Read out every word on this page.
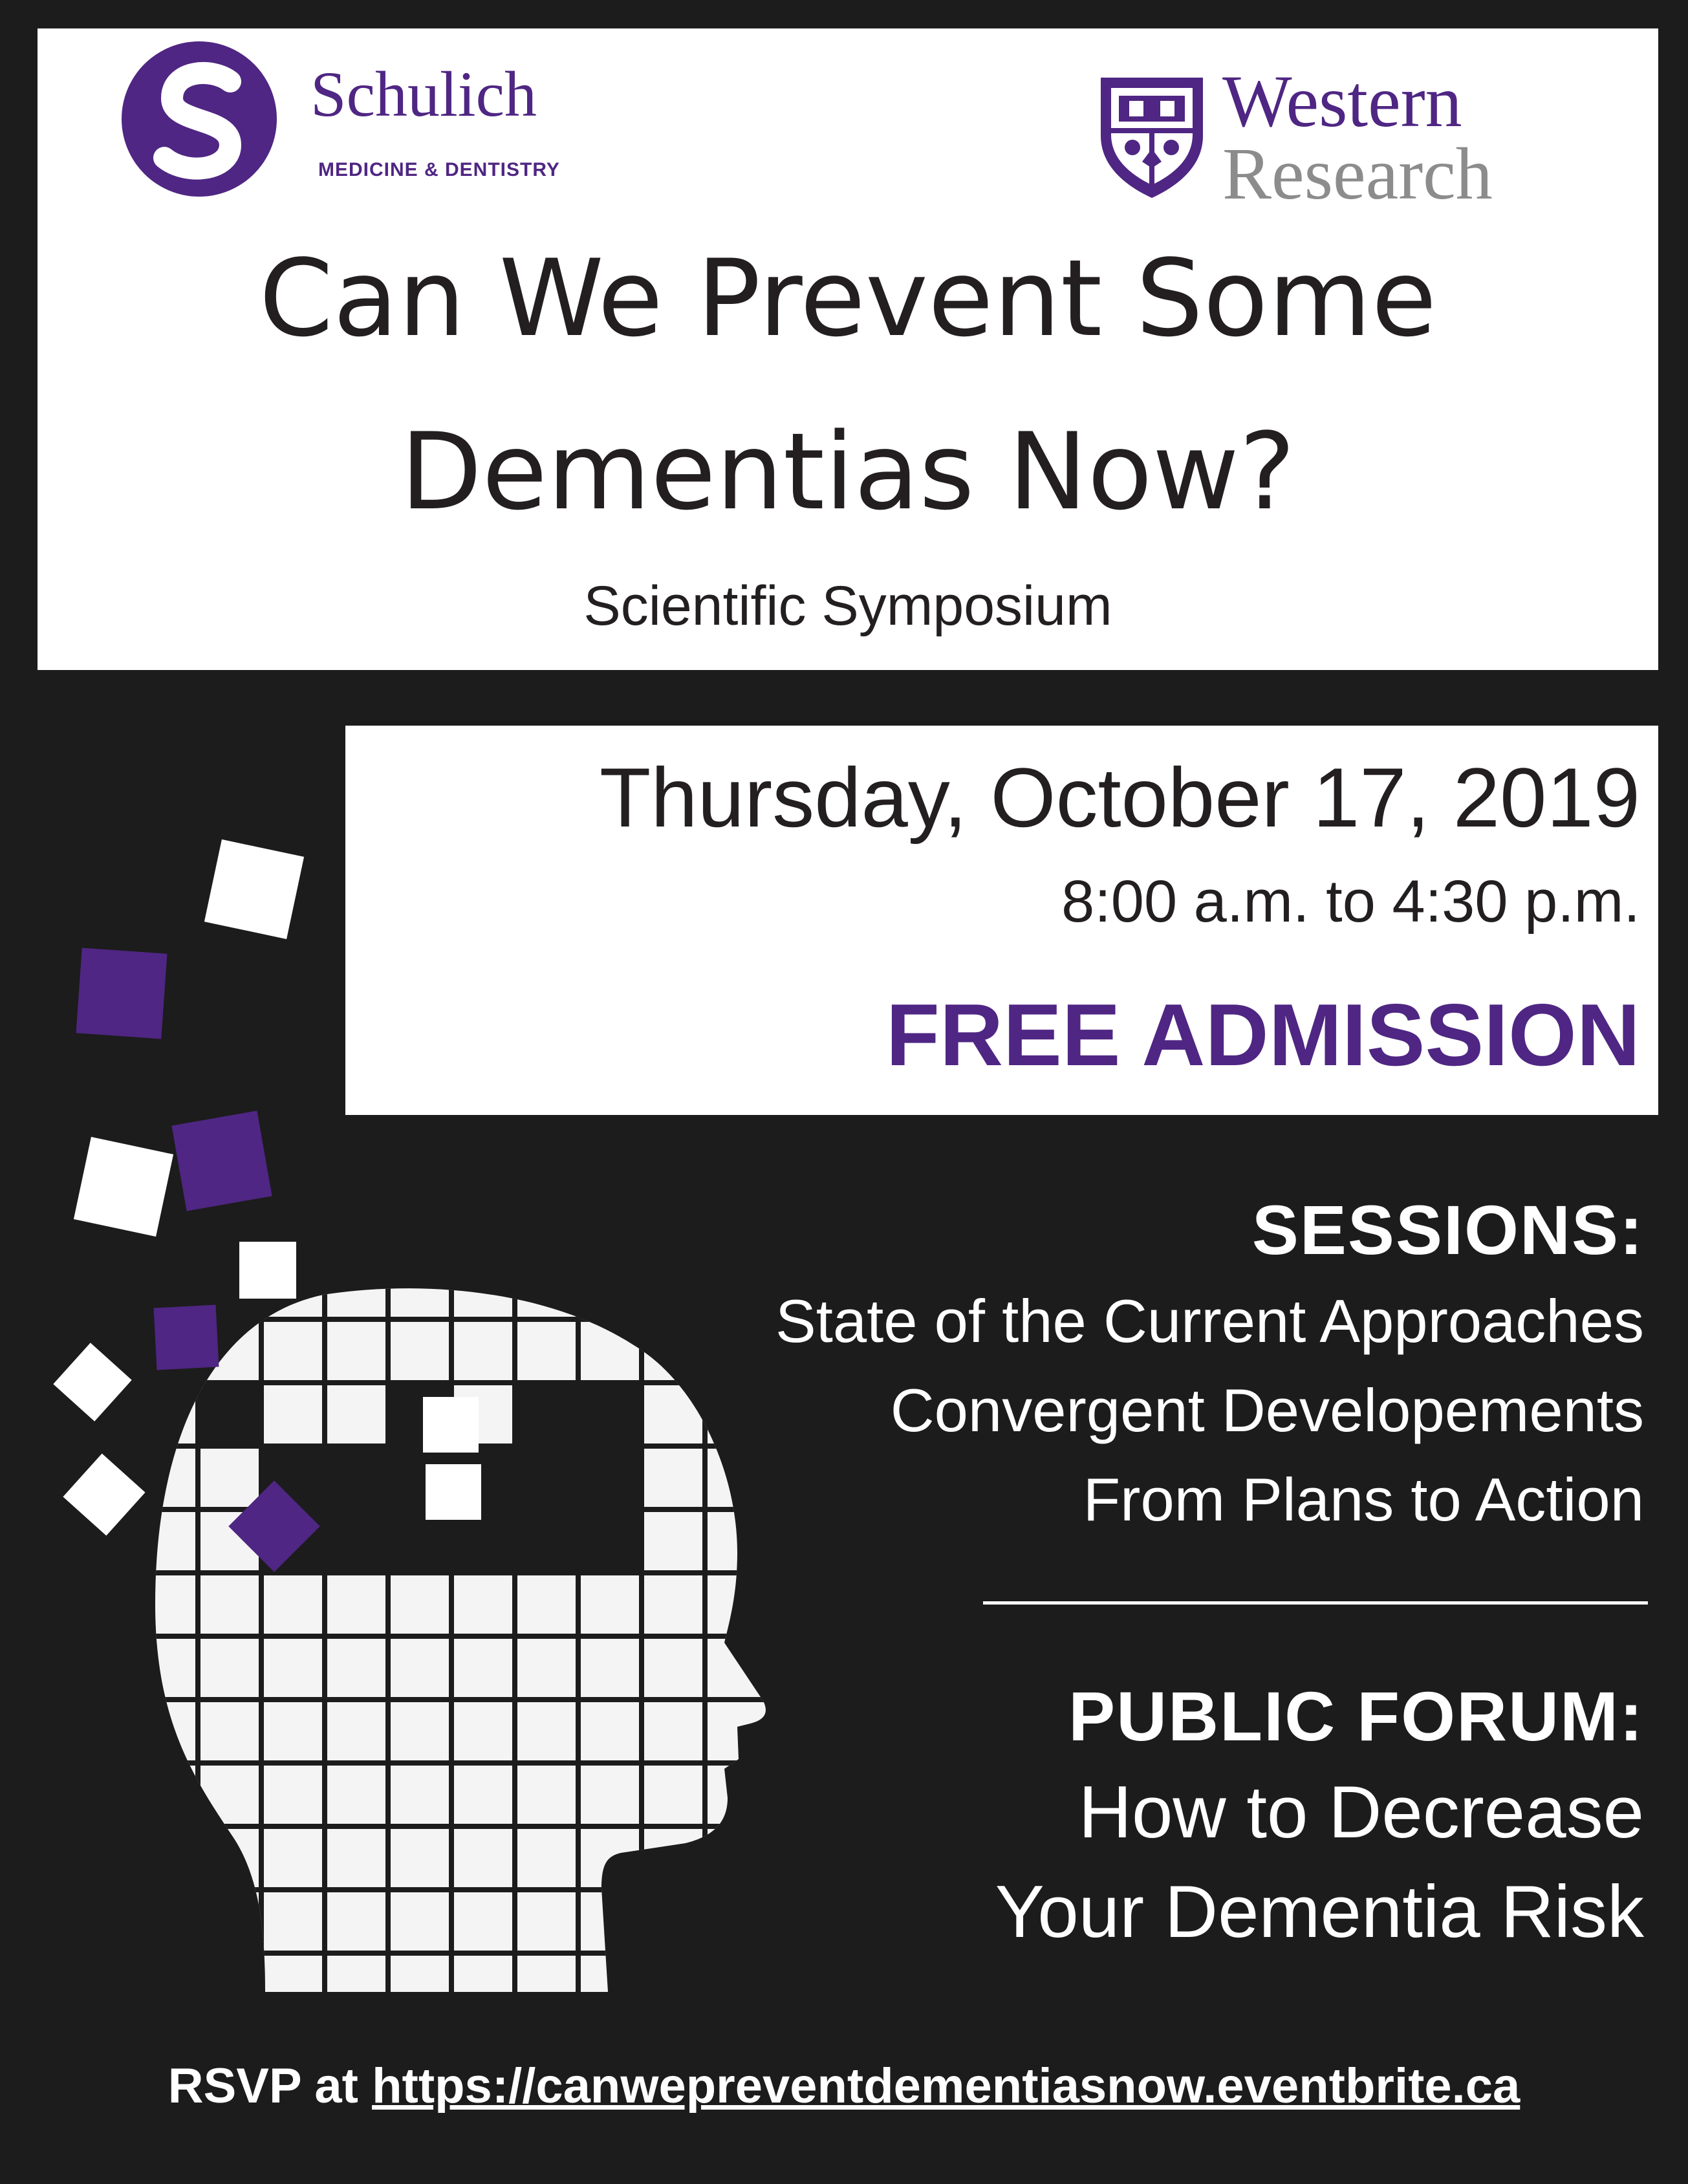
Schulich
MEDICINE & DENTISTRY
Western
Research
Can We Prevent Some
Dementias Now?
Scientific Symposium
Thursday, October 17, 2019
8:00 a.m. to 4:30 p.m.
FREE ADMISSION
SESSIONS:
State of the Current Approaches
Convergent Developements
From Plans to Action
PUBLIC FORUM:
How to Decrease
Your Dementia Risk
RSVP at https://canwepreventdementiasnow.eventbrite.ca
